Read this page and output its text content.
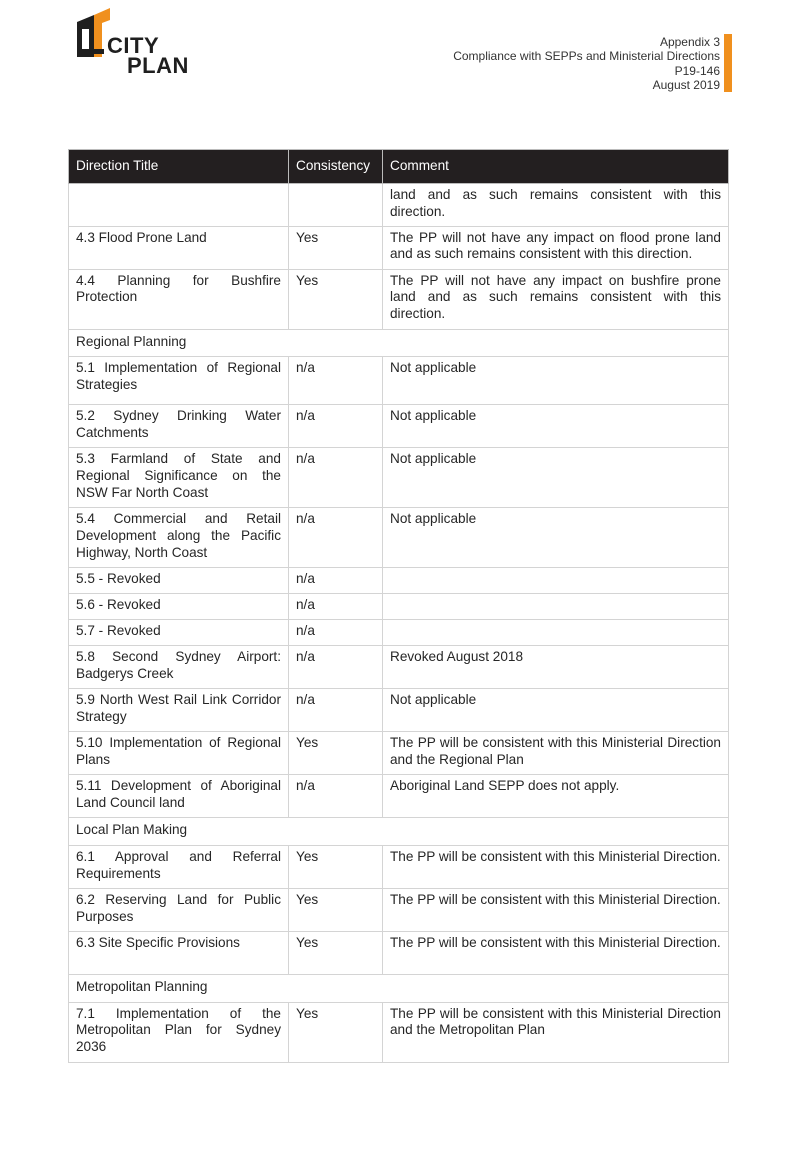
CITY
PLAN
Appendix 3
Compliance with SEPPs and Ministerial Directions
P19-146
August 2019
Direction Title	Consistency	Comment
		land and as such remains consistent with this direction.
4.3 Flood Prone Land	Yes	The PP will not have any impact on flood prone land and as such remains consistent with this direction.
4.4 Planning for Bushfire Protection	Yes	The PP will not have any impact on bushfire prone land and as such remains consistent with this direction.
Regional Planning		
5.1 Implementation of Regional Strategies	n/a	Not applicable
5.2 Sydney Drinking Water Catchments	n/a	Not applicable
5.3 Farmland of State and Regional Significance on the NSW Far North Coast	n/a	Not applicable
5.4 Commercial and Retail Development along the Pacific Highway, North Coast	n/a	Not applicable
5.5 - Revoked	n/a	
5.6 - Revoked	n/a	
5.7 - Revoked	n/a	
5.8 Second Sydney Airport: Badgerys Creek	n/a	Revoked August 2018
5.9 North West Rail Link Corridor Strategy	n/a	Not applicable
5.10 Implementation of Regional Plans	Yes	The PP will be consistent with this Ministerial Direction and the Regional Plan
5.11 Development of Aboriginal Land Council land	n/a	Aboriginal Land SEPP does not apply.
Local Plan Making		
6.1 Approval and Referral Requirements	Yes	The PP will be consistent with this Ministerial Direction.
6.2 Reserving Land for Public Purposes	Yes	The PP will be consistent with this Ministerial Direction.
6.3 Site Specific Provisions	Yes	The PP will be consistent with this Ministerial Direction.
Metropolitan Planning		
7.1 Implementation of the Metropolitan Plan for Sydney 2036	Yes	The PP will be consistent with this Ministerial Direction and the Metropolitan Plan
